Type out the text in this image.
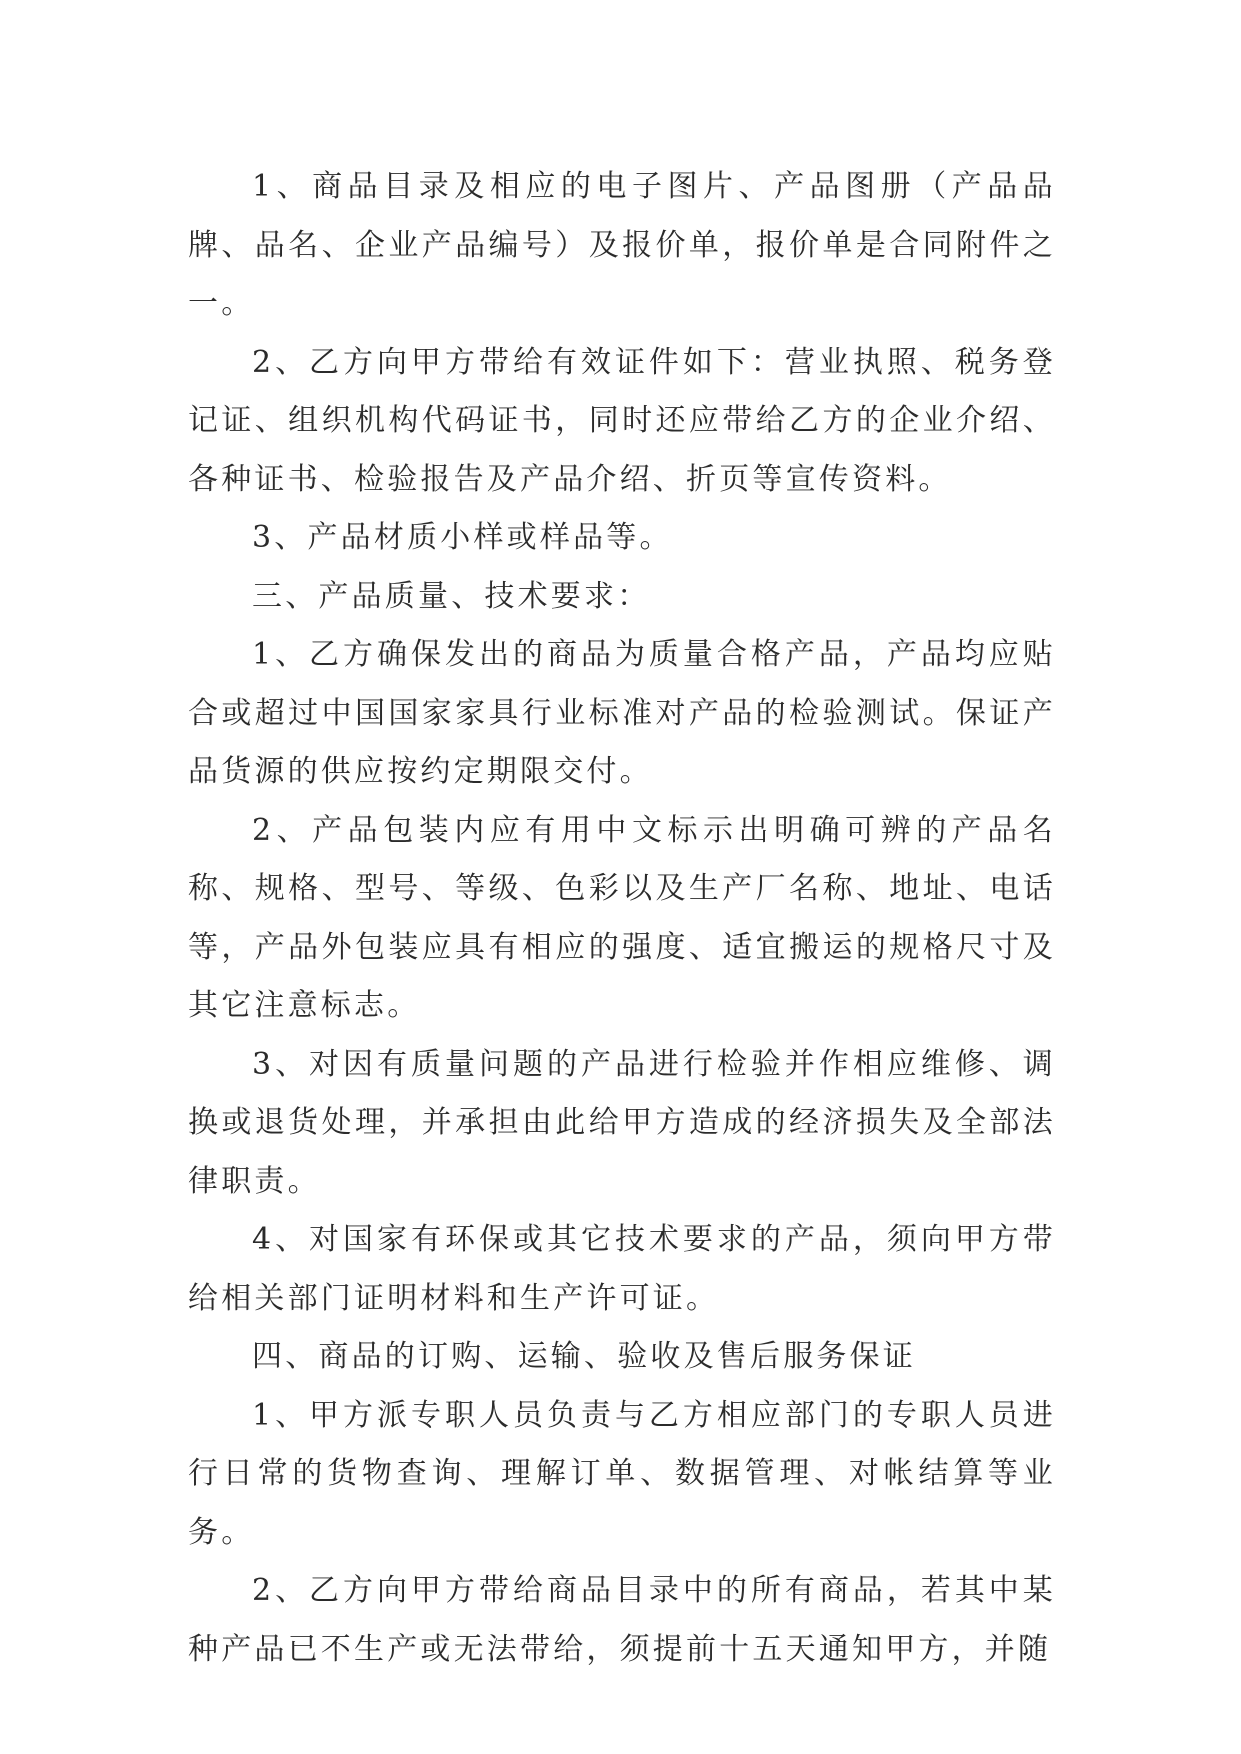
1、商品目录及相应的电子图片、产品图册（产品品牌、品名、企业产品编号）及报价单，报价单是合同附件之一。

2、乙方向甲方带给有效证件如下：营业执照、税务登记证、组织机构代码证书，同时还应带给乙方的企业介绍、各种证书、检验报告及产品介绍、折页等宣传资料。

3、产品材质小样或样品等。

三、产品质量、技术要求：

1、乙方确保发出的商品为质量合格产品，产品均应贴合或超过中国国家家具行业标准对产品的检验测试。保证产品货源的供应按约定期限交付。

2、产品包装内应有用中文标示出明确可辨的产品名称、规格、型号、等级、色彩以及生产厂名称、地址、电话等，产品外包装应具有相应的强度、适宜搬运的规格尺寸及其它注意标志。

3、对因有质量问题的产品进行检验并作相应维修、调换或退货处理，并承担由此给甲方造成的经济损失及全部法律职责。

4、对国家有环保或其它技术要求的产品，须向甲方带给相关部门证明材料和生产许可证。

四、商品的订购、运输、验收及售后服务保证

1、甲方派专职人员负责与乙方相应部门的专职人员进行日常的货物查询、理解订单、数据管理、对帐结算等业务。

2、乙方向甲方带给商品目录中的所有商品，若其中某种产品已不生产或无法带给，须提前十五天通知甲方，并随
